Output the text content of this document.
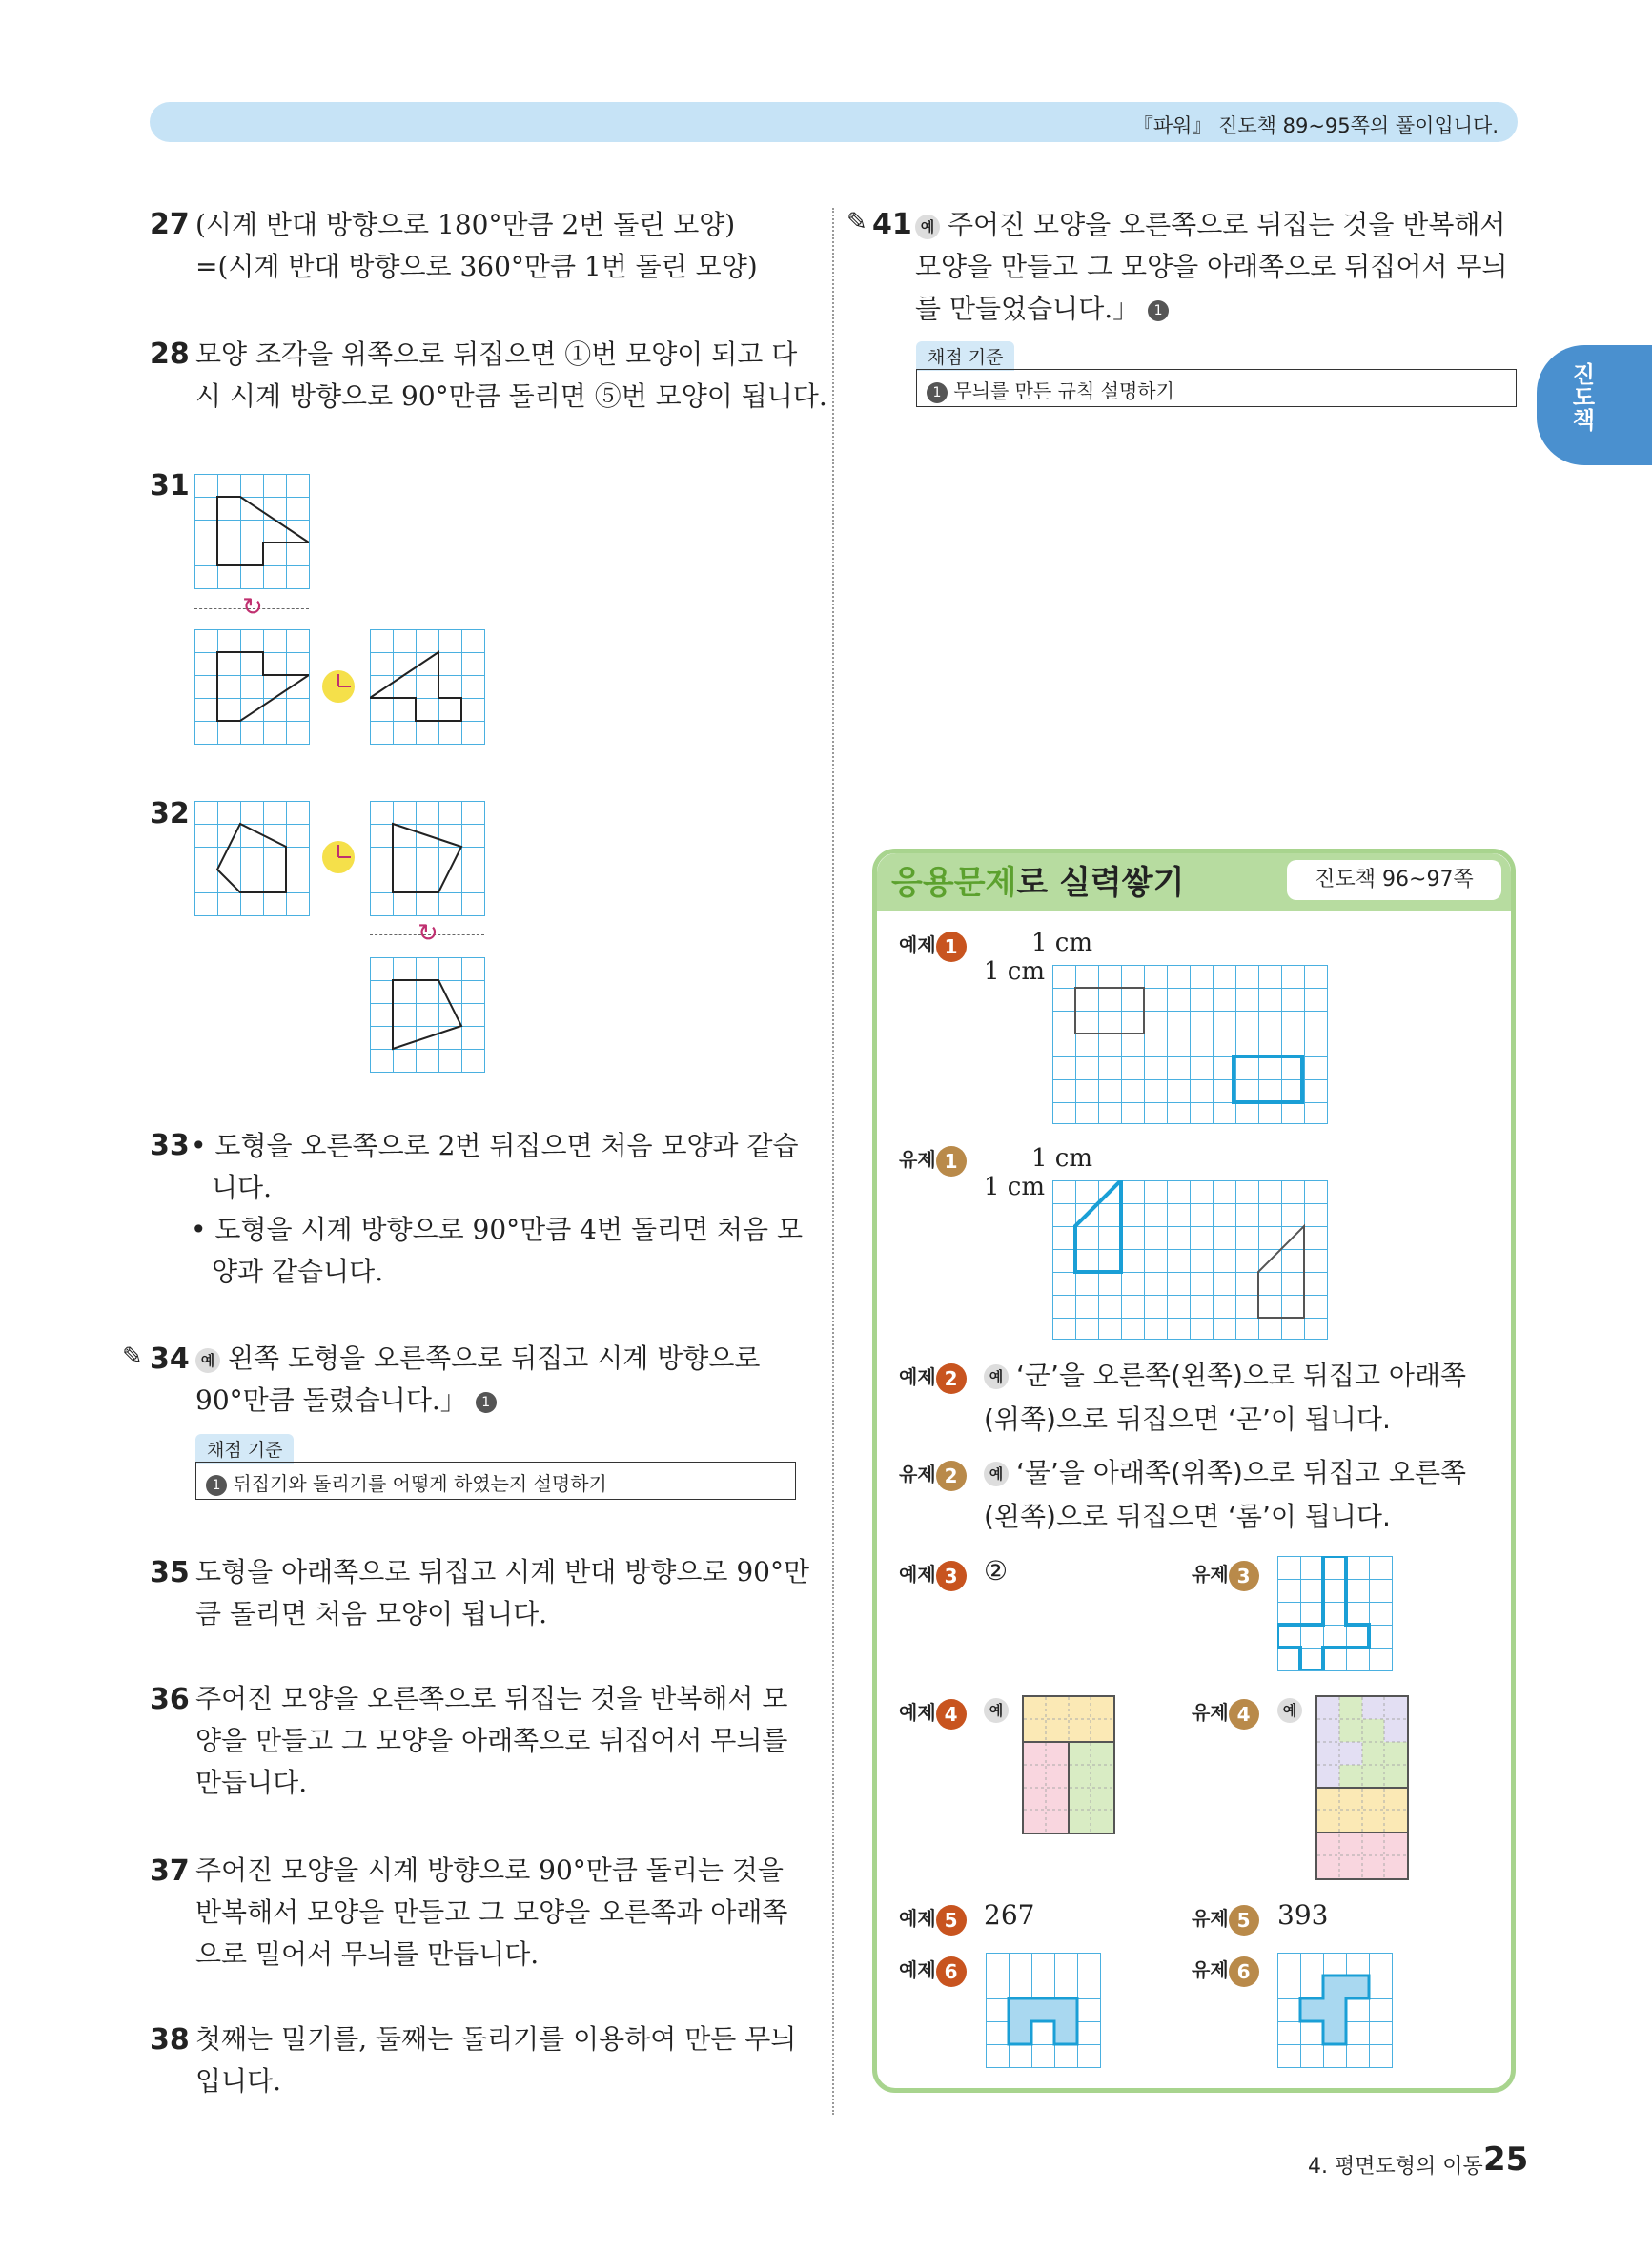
『파워』 진도책 89~95쪽의 풀이입니다.
진도책
27 (시계 반대 방향으로 180°만큼 2번 돌린 모양)
=(시계 반대 방향으로 360°만큼 1번 돌린 모양)
28 모양 조각을 위쪽으로 뒤집으면 ①번 모양이 되고 다
시 시계 방향으로 90°만큼 돌리면 ⑤번 모양이 됩니다.
31
↻
32
↻
33 • 도형을 오른쪽으로 2번 뒤집으면 처음 모양과 같습
니다.
• 도형을 시계 방향으로 90°만큼 4번 돌리면 처음 모
양과 같습니다.
✎ 34 예 왼쪽 도형을 오른쪽으로 뒤집고 시계 방향으로
90°만큼 돌렸습니다.」 1
채점 기준
1 뒤집기와 돌리기를 어떻게 하였는지 설명하기
35 도형을 아래쪽으로 뒤집고 시계 반대 방향으로 90°만
큼 돌리면 처음 모양이 됩니다.
36 주어진 모양을 오른쪽으로 뒤집는 것을 반복해서 모
양을 만들고 그 모양을 아래쪽으로 뒤집어서 무늬를
만듭니다.
37 주어진 모양을 시계 방향으로 90°만큼 돌리는 것을
반복해서 모양을 만들고 그 모양을 오른쪽과 아래쪽
으로 밀어서 무늬를 만듭니다.
38 첫째는 밀기를, 둘째는 돌리기를 이용하여 만든 무늬
입니다.
✎ 41 예 주어진 모양을 오른쪽으로 뒤집는 것을 반복해서
모양을 만들고 그 모양을 아래쪽으로 뒤집어서 무늬
를 만들었습니다.」 1
채점 기준
1 무늬를 만든 규칙 설명하기
응용문제로 실력쌓기	진도책 96~97쪽
예제 1	1 cm
1 cm
유제 1	1 cm
1 cm
예제 2	예 ‘군’을 오른쪽(왼쪽)으로 뒤집고 아래쪽
(위쪽)으로 뒤집으면 ‘곤’이 됩니다.
유제 2	예 ‘물’을 아래쪽(위쪽)으로 뒤집고 오른쪽
(왼쪽)으로 뒤집으면 ‘롬’이 됩니다.
예제 3 ②	유제 3
예제 4	예	유제 4	예
예제 5 267	유제 5	393
예제 6	유제 6
4. 평면도형의 이동 25
